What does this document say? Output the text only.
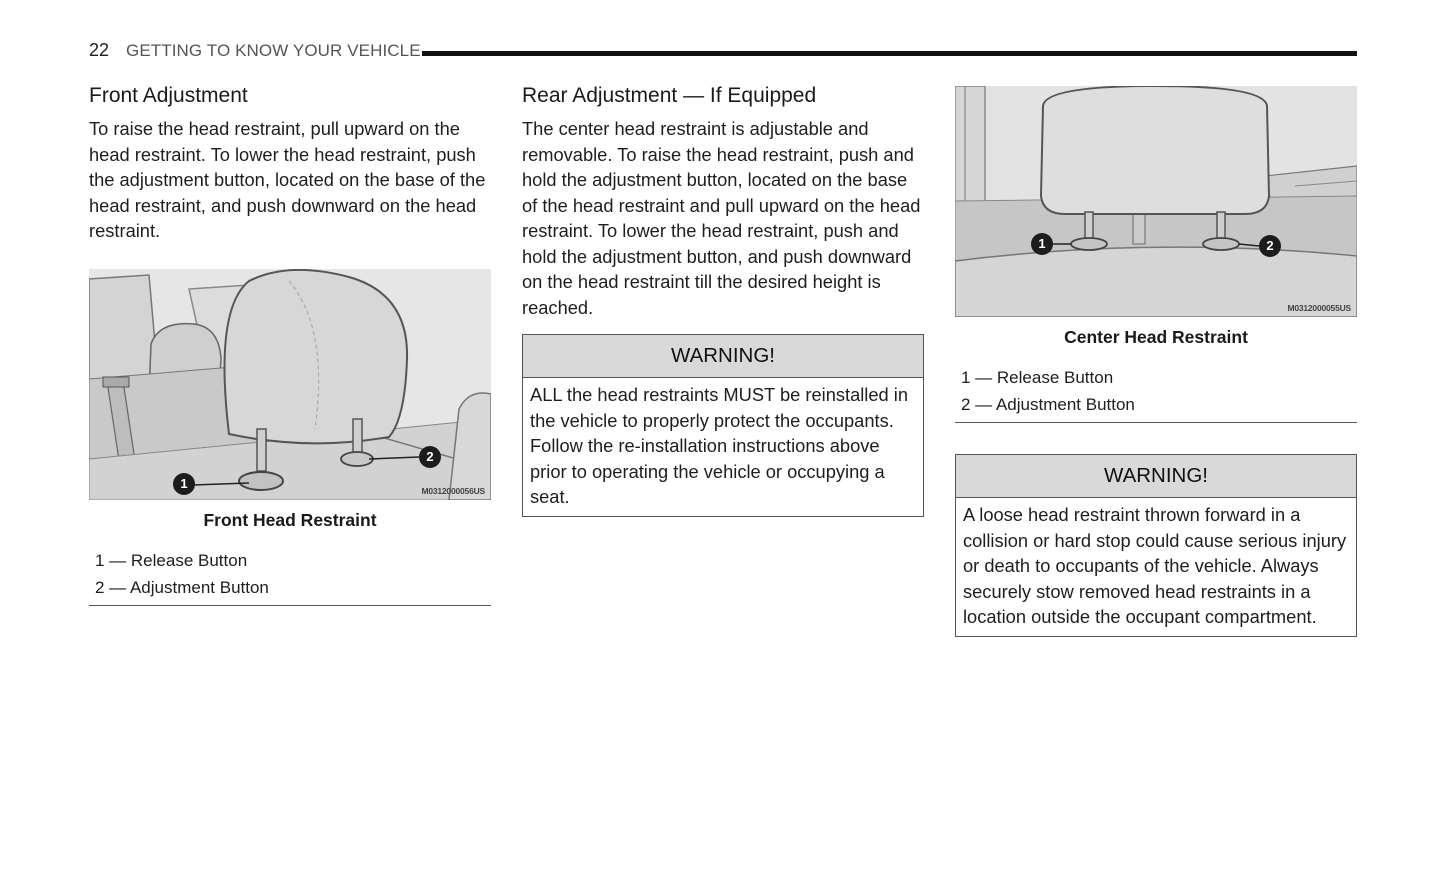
22 GETTING TO KNOW YOUR VEHICLE
Front Adjustment

To raise the head restraint, pull upward on the head restraint. To lower the head restraint, push the adjustment button, located on the base of the head restraint, and push downward on the head restraint.

1
2
M0312000056US
Front Head Restraint
1 — Release Button
2 — Adjustment Button
Rear Adjustment — If Equipped

The center head restraint is adjustable and removable. To raise the head restraint, push and hold the adjustment button, located on the base of the head restraint and pull upward on the head restraint. To lower the head restraint, push and hold the adjustment button, and push downward on the head restraint till the desired height is reached.

WARNING!
ALL the head restraints MUST be reinstalled in the vehicle to properly protect the occupants. Follow the re-installation instructions above prior to operating the vehicle or occupying a seat.
1	2
M0312000055US
Center Head Restraint
1 — Release Button
2 — Adjustment Button
WARNING!
A loose head restraint thrown forward in a collision or hard stop could cause serious injury or death to occupants of the vehicle. Always securely stow removed head restraints in a location outside the occupant compartment.
